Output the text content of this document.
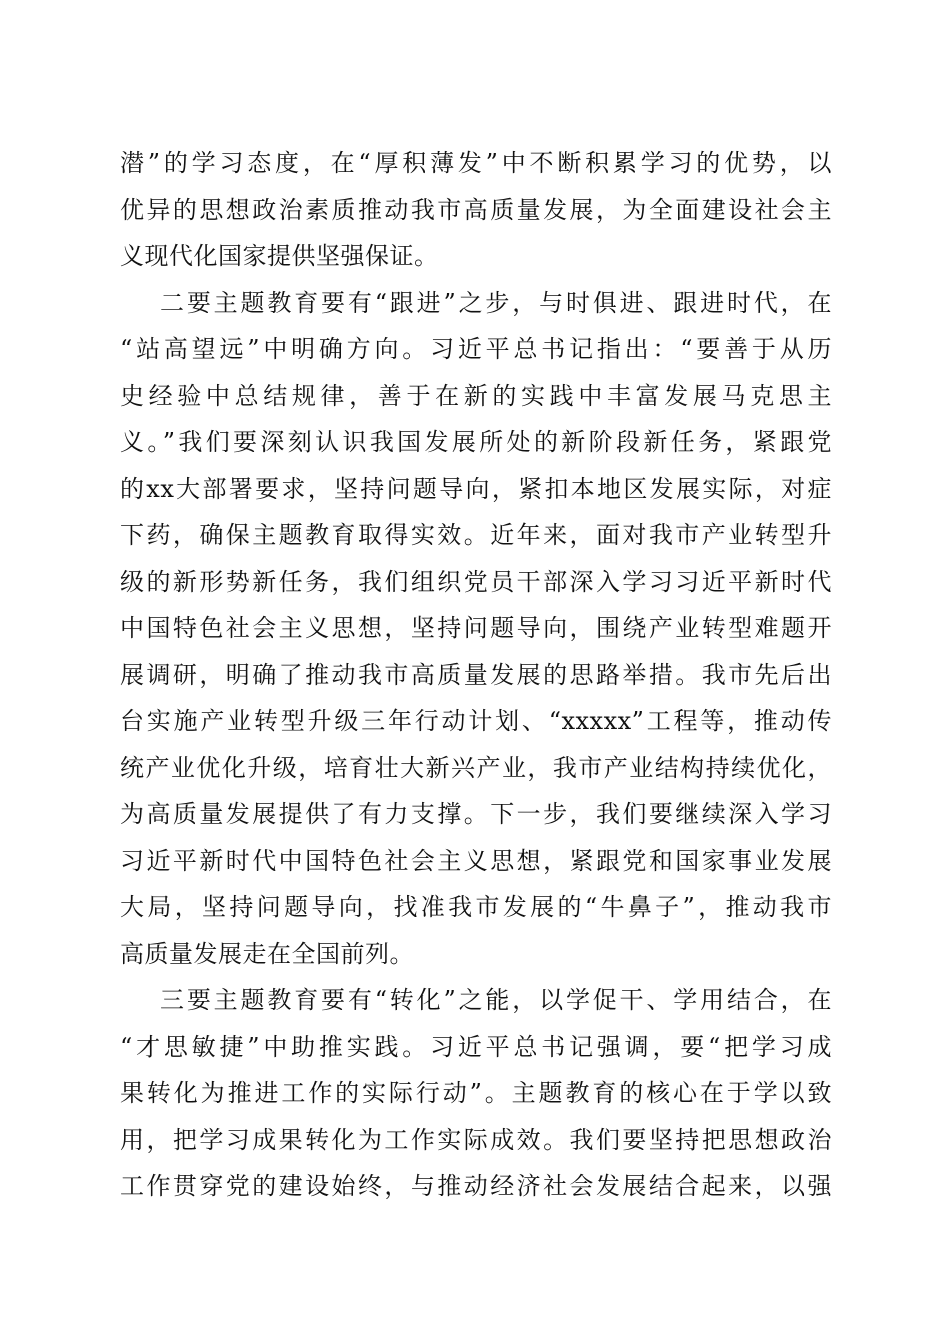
潜”的学习态度，在“厚积薄发”中不断积累学习的优势，以
优异的思想政治素质推动我市高质量发展，为全面建设社会主
义现代化国家提供坚强保证。
二要主题教育要有“跟进”之步，与时俱进、跟进时代，在
“站高望远”中明确方向。习近平总书记指出：“要善于从历
史经验中总结规律，善于在新的实践中丰富发展马克思主
义。”我们要深刻认识我国发展所处的新阶段新任务，紧跟党
的xx大部署要求，坚持问题导向，紧扣本地区发展实际，对症
下药，确保主题教育取得实效。近年来，面对我市产业转型升
级的新形势新任务，我们组织党员干部深入学习习近平新时代
中国特色社会主义思想，坚持问题导向，围绕产业转型难题开
展调研，明确了推动我市高质量发展的思路举措。我市先后出
台实施产业转型升级三年行动计划、“xxxxx”工程等，推动传
统产业优化升级，培育壮大新兴产业，我市产业结构持续优化，
为高质量发展提供了有力支撑。下一步，我们要继续深入学习
习近平新时代中国特色社会主义思想，紧跟党和国家事业发展
大局，坚持问题导向，找准我市发展的“牛鼻子”，推动我市
高质量发展走在全国前列。
三要主题教育要有“转化”之能，以学促干、学用结合，在
“才思敏捷”中助推实践。习近平总书记强调，要“把学习成
果转化为推进工作的实际行动”。主题教育的核心在于学以致
用，把学习成果转化为工作实际成效。我们要坚持把思想政治
工作贯穿党的建设始终，与推动经济社会发展结合起来，以强
